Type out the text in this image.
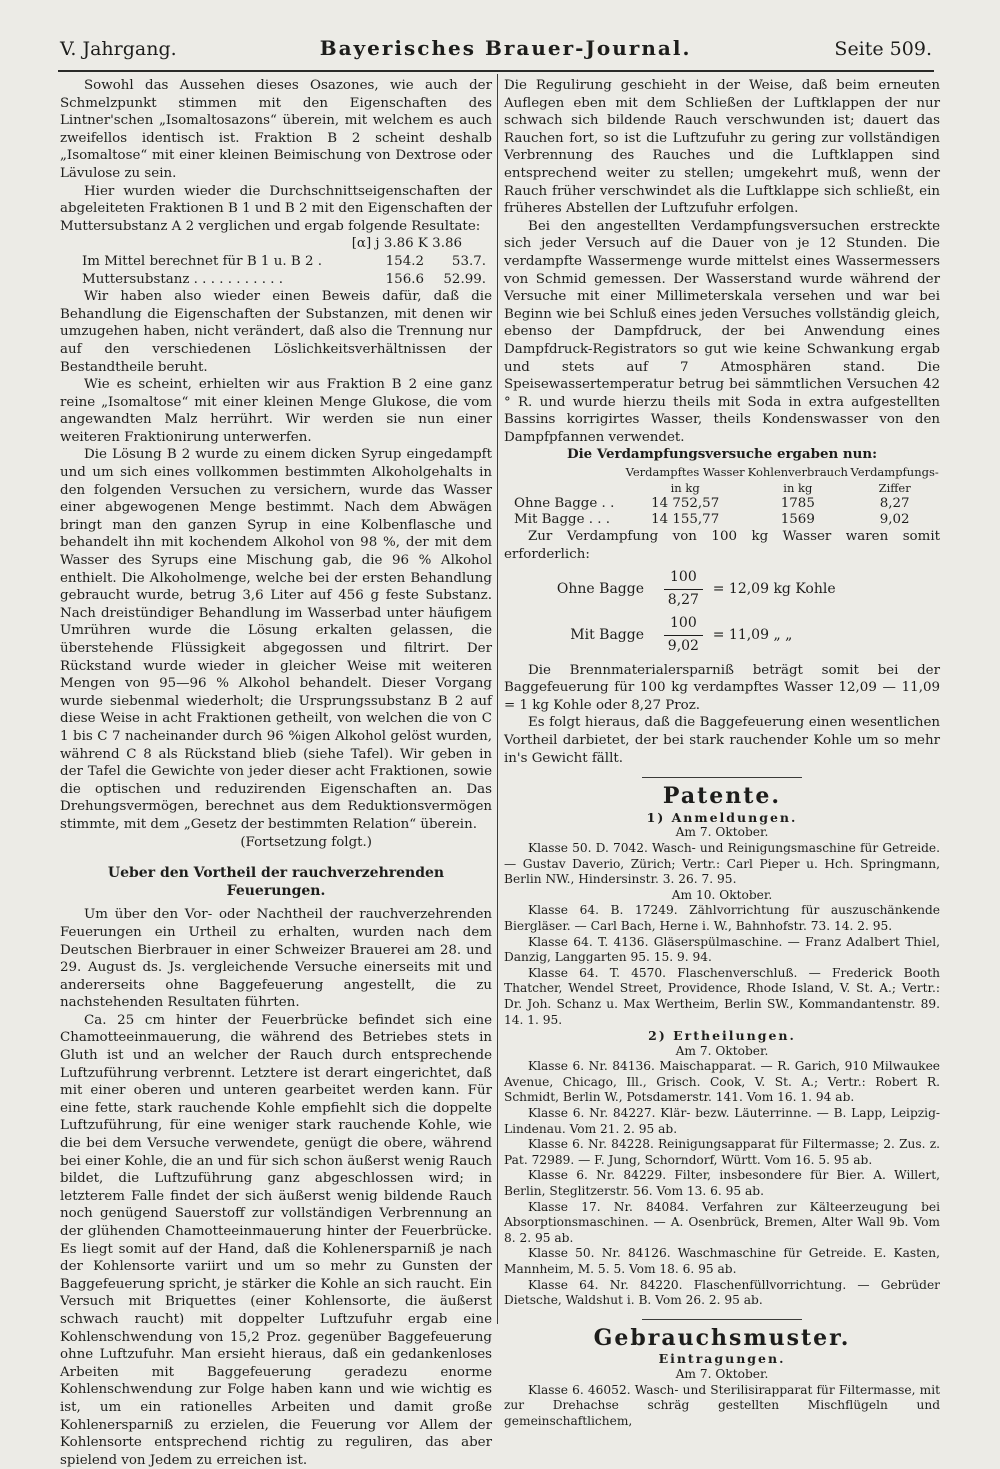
V. Jahrgang.	Bayerisches Brauer-Journal.	Seite 509.

Sowohl das Aussehen dieses Osazones, wie auch der Schmelzpunkt stimmen mit den Eigenschaften des Lintner'schen „Isomaltosazons“ überein, mit welchem es auch zweifellos identisch ist. Fraktion B 2 scheint deshalb „Isomaltose“ mit einer kleinen Beimischung von Dextrose oder Lävulose zu sein.

Hier wurden wieder die Durchschnittseigenschaften der abgeleiteten Fraktionen B 1 und B 2 mit den Eigenschaften der Muttersubstanz A 2 verglichen und ergab folgende Resultate:

[α] j 3.86 K 3.86
Im Mittel berechnet für B 1 u. B 2 .	154.2	53.7.
Muttersubstanz . . . . . . . . . . .	156.6	52.99.

Wir haben also wieder einen Beweis dafür, daß die Behandlung die Eigenschaften der Substanzen, mit denen wir umzugehen haben, nicht verändert, daß also die Trennung nur auf den verschiedenen Löslichkeitsverhältnissen der Bestandtheile beruht.

Wie es scheint, erhielten wir aus Fraktion B 2 eine ganz reine „Isomaltose“ mit einer kleinen Menge Glukose, die vom angewandten Malz herrührt. Wir werden sie nun einer weiteren Fraktionirung unterwerfen.

Die Lösung B 2 wurde zu einem dicken Syrup eingedampft und um sich eines vollkommen bestimmten Alkoholgehalts in den folgenden Versuchen zu versichern, wurde das Wasser einer abgewogenen Menge bestimmt. Nach dem Abwägen bringt man den ganzen Syrup in eine Kolbenflasche und behandelt ihn mit kochendem Alkohol von 98 %, der mit dem Wasser des Syrups eine Mischung gab, die 96 % Alkohol enthielt. Die Alkoholmenge, welche bei der ersten Behandlung gebraucht wurde, betrug 3,6 Liter auf 456 g feste Substanz. Nach dreistündiger Behandlung im Wasserbad unter häufigem Umrühren wurde die Lösung erkalten gelassen, die überstehende Flüssigkeit abgegossen und filtrirt. Der Rückstand wurde wieder in gleicher Weise mit weiteren Mengen von 95—96 % Alkohol behandelt. Dieser Vorgang wurde siebenmal wiederholt; die Ursprungssubstanz B 2 auf diese Weise in acht Fraktionen getheilt, von welchen die von C 1 bis C 7 nacheinander durch 96 %igen Alkohol gelöst wurden, während C 8 als Rückstand blieb (siehe Tafel). Wir geben in der Tafel die Gewichte von jeder dieser acht Fraktionen, sowie die optischen und reduzirenden Eigenschaften an. Das Drehungsvermögen, berechnet aus dem Reduktionsvermögen stimmte, mit dem „Gesetz der bestimmten Relation“ überein.

(Fortsetzung folgt.)

Ueber den Vortheil der rauchverzehrenden Feuerungen.

Um über den Vor- oder Nachtheil der rauchverzehrenden Feuerungen ein Urtheil zu erhalten, wurden nach dem Deutschen Bierbrauer in einer Schweizer Brauerei am 28. und 29. August ds. Js. vergleichende Versuche einerseits mit und andererseits ohne Baggefeuerung angestellt, die zu nachstehenden Resultaten führten.

Ca. 25 cm hinter der Feuerbrücke befindet sich eine Chamotteeinmauerung, die während des Betriebes stets in Gluth ist und an welcher der Rauch durch entsprechende Luftzuführung verbrennt. Letztere ist derart eingerichtet, daß mit einer oberen und unteren gearbeitet werden kann. Für eine fette, stark rauchende Kohle empfiehlt sich die doppelte Luftzuführung, für eine weniger stark rauchende Kohle, wie die bei dem Versuche verwendete, genügt die obere, während bei einer Kohle, die an und für sich schon äußerst wenig Rauch bildet, die Luftzuführung ganz abgeschlossen wird; in letzterem Falle findet der sich äußerst wenig bildende Rauch noch genügend Sauerstoff zur vollständigen Verbrennung an der glühenden Chamotteeinmauerung hinter der Feuerbrücke. Es liegt somit auf der Hand, daß die Kohlenersparniß je nach der Kohlensorte variirt und um so mehr zu Gunsten der Baggefeuerung spricht, je stärker die Kohle an sich raucht. Ein Versuch mit Briquettes (einer Kohlensorte, die äußerst schwach raucht) mit doppelter Luftzufuhr ergab eine Kohlenschwendung von 15,2 Proz. gegenüber Baggefeuerung ohne Luftzufuhr. Man ersieht hieraus, daß ein gedankenloses Arbeiten mit Baggefeuerung geradezu enorme Kohlenschwendung zur Folge haben kann und wie wichtig es ist, um ein rationelles Arbeiten und damit große Kohlenersparniß zu erzielen, die Feuerung vor Allem der Kohlensorte entsprechend richtig zu reguliren, das aber spielend von Jedem zu erreichen ist.

Die Regulirung geschieht in der Weise, daß beim erneuten Auflegen eben mit dem Schließen der Luftklappen der nur schwach sich bildende Rauch verschwunden ist; dauert das Rauchen fort, so ist die Luftzufuhr zu gering zur vollständigen Verbrennung des Rauches und die Luftklappen sind entsprechend weiter zu stellen; umgekehrt muß, wenn der Rauch früher verschwindet als die Luftklappe sich schließt, ein früheres Abstellen der Luftzufuhr erfolgen.

Bei den angestellten Verdampfungsversuchen erstreckte sich jeder Versuch auf die Dauer von je 12 Stunden. Die verdampfte Wassermenge wurde mittelst eines Wassermessers von Schmid gemessen. Der Wasserstand wurde während der Versuche mit einer Millimeterskala versehen und war bei Beginn wie bei Schluß eines jeden Versuches vollständig gleich, ebenso der Dampfdruck, der bei Anwendung eines Dampfdruck-Registrators so gut wie keine Schwankung ergab und stets auf 7 Atmosphären stand. Die Speisewassertemperatur betrug bei sämmtlichen Versuchen 42 ° R. und wurde hierzu theils mit Soda in extra aufgestellten Bassins korrigirtes Wasser, theils Kondenswasser von den Dampfpfannen verwendet.

Die Verdampfungsversuche ergaben nun:

	Verdampftes Wasser	Kohlenverbrauch	Verdampfungs-
	in kg	in kg	Ziffer
Ohne Bagge . .	14 752,57	1785	8,27
Mit Bagge . . .	14 155,77	1569	9,02

Zur Verdampfung von 100 kg Wasser waren somit erforderlich:

Ohne Bagge	$\frac{100}{8,27} = 12,09$ kg Kohle
Mit Bagge	$\frac{100}{9,02} = 11,09$ „ „

Die Brennmaterialersparniß beträgt somit bei der Baggefeuerung für 100 kg verdampftes Wasser 12,09 — 11,09 = 1 kg Kohle oder 8,27 Proz.

Es folgt hieraus, daß die Baggefeuerung einen wesentlichen Vortheil darbietet, der bei stark rauchender Kohle um so mehr in's Gewicht fällt.

Patente.
1) Anmeldungen.
Am 7. Oktober.

Klasse 50. D. 7042. Wasch- und Reinigungsmaschine für Getreide. — Gustav Daverio, Zürich; Vertr.: Carl Pieper u. Hch. Springmann, Berlin NW., Hindersinstr. 3. 26. 7. 95.

Am 10. Oktober.

Klasse 64. B. 17249. Zählvorrichtung für auszuschänkende Biergläser. — Carl Bach, Herne i. W., Bahnhofstr. 73. 14. 2. 95.

Klasse 64. T. 4136. Gläserspülmaschine. — Franz Adalbert Thiel, Danzig, Langgarten 95. 15. 9. 94.

Klasse 64. T. 4570. Flaschenverschluß. — Frederick Booth Thatcher, Wendel Street, Providence, Rhode Island, V. St. A.; Vertr.: Dr. Joh. Schanz u. Max Wertheim, Berlin SW., Kommandantenstr. 89. 14. 1. 95.

2) Ertheilungen.
Am 7. Oktober.

Klasse 6. Nr. 84136. Maischapparat. — R. Garich, 910 Milwaukee Avenue, Chicago, Ill., Grisch. Cook, V. St. A.; Vertr.: Robert R. Schmidt, Berlin W., Potsdamerstr. 141. Vom 16. 1. 94 ab.

Klasse 6. Nr. 84227. Klär- bezw. Läuterrinne. — B. Lapp, Leipzig-Lindenau. Vom 21. 2. 95 ab.

Klasse 6. Nr. 84228. Reinigungsapparat für Filtermasse; 2. Zus. z. Pat. 72989. — F. Jung, Schorndorf, Württ. Vom 16. 5. 95 ab.

Klasse 6. Nr. 84229. Filter, insbesondere für Bier. A. Willert, Berlin, Steglitzerstr. 56. Vom 13. 6. 95 ab.

Klasse 17. Nr. 84084. Verfahren zur Kälteerzeugung bei Absorptionsmaschinen. — A. Osenbrück, Bremen, Alter Wall 9b. Vom 8. 2. 95 ab.

Klasse 50. Nr. 84126. Waschmaschine für Getreide. E. Kasten, Mannheim, M. 5. 5. Vom 18. 6. 95 ab.

Klasse 64. Nr. 84220. Flaschenfüllvorrichtung. — Gebrüder Dietsche, Waldshut i. B. Vom 26. 2. 95 ab.

Gebrauchsmuster.
Eintragungen.
Am 7. Oktober.

Klasse 6. 46052. Wasch- und Sterilisirapparat für Filtermasse, mit zur Drehachse schräg gestellten Mischflügeln und gemeinschaftlichem,
